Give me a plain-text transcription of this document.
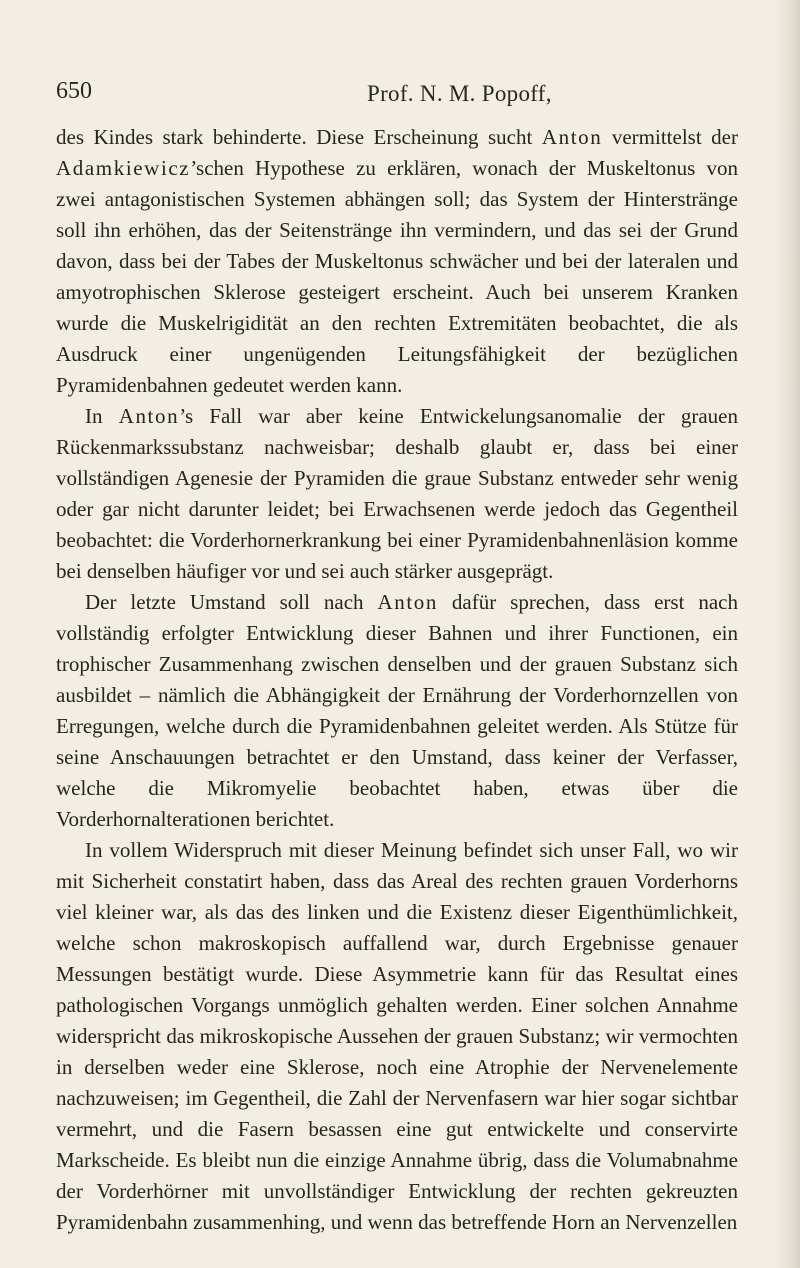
650	Prof. N. M. Popoff,

des Kindes stark behinderte. Diese Erscheinung sucht Anton vermittelst der Adamkiewicz’schen Hypothese zu erklären, wonach der Muskeltonus von zwei antagonistischen Systemen abhängen soll; das System der Hinterstränge soll ihn erhöhen, das der Seitenstränge ihn vermindern, und das sei der Grund davon, dass bei der Tabes der Muskeltonus schwächer und bei der lateralen und amyotrophischen Sklerose gesteigert erscheint. Auch bei unserem Kranken wurde die Muskelrigidität an den rechten Extremitäten beobachtet, die als Ausdruck einer ungenügenden Leitungsfähigkeit der bezüglichen Pyramidenbahnen gedeutet werden kann.

In Anton’s Fall war aber keine Entwickelungsanomalie der grauen Rückenmarkssubstanz nachweisbar; deshalb glaubt er, dass bei einer vollständigen Agenesie der Pyramiden die graue Substanz entweder sehr wenig oder gar nicht darunter leidet; bei Erwachsenen werde jedoch das Gegentheil beobachtet: die Vorderhornerkrankung bei einer Pyramidenbahnenläsion komme bei denselben häufiger vor und sei auch stärker ausgeprägt.

Der letzte Umstand soll nach Anton dafür sprechen, dass erst nach vollständig erfolgter Entwicklung dieser Bahnen und ihrer Functionen, ein trophischer Zusammenhang zwischen denselben und der grauen Substanz sich ausbildet – nämlich die Abhängigkeit der Ernährung der Vorderhornzellen von Erregungen, welche durch die Pyramidenbahnen geleitet werden. Als Stütze für seine Anschauungen betrachtet er den Umstand, dass keiner der Verfasser, welche die Mikromyelie beobachtet haben, etwas über die Vorderhornalterationen berichtet.

In vollem Widerspruch mit dieser Meinung befindet sich unser Fall, wo wir mit Sicherheit constatirt haben, dass das Areal des rechten grauen Vorderhorns viel kleiner war, als das des linken und die Existenz dieser Eigenthümlichkeit, welche schon makroskopisch auffallend war, durch Ergebnisse genauer Messungen bestätigt wurde. Diese Asymmetrie kann für das Resultat eines pathologischen Vorgangs unmöglich gehalten werden. Einer solchen Annahme widerspricht das mikroskopische Aussehen der grauen Substanz; wir vermochten in derselben weder eine Sklerose, noch eine Atrophie der Nervenelemente nachzuweisen; im Gegentheil, die Zahl der Nervenfasern war hier sogar sichtbar vermehrt, und die Fasern besassen eine gut entwickelte und conservirte Markscheide. Es bleibt nun die einzige Annahme übrig, dass die Volumabnahme der Vorderhörner mit unvollständiger Entwicklung der rechten gekreuzten Pyramidenbahn zusammenhing, und wenn das betreffende Horn an Nervenzellen
